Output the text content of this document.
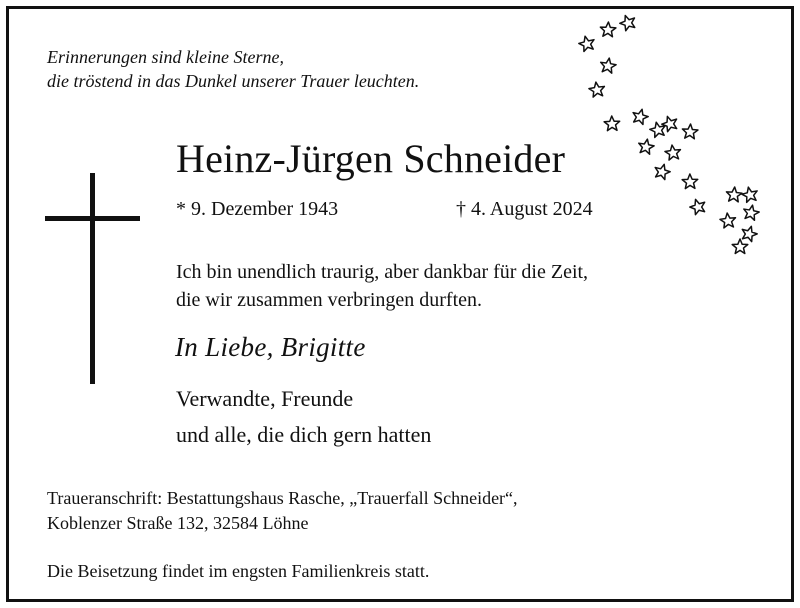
Erinnerungen sind kleine Sterne,
die tröstend in das Dunkel unserer Trauer leuchten.
Heinz-Jürgen Schneider
* 9. Dezember 1943	† 4. August 2024
Ich bin unendlich traurig, aber dankbar für die Zeit,
die wir zusammen verbringen durften.
In Liebe, Brigitte
Verwandte, Freunde
und alle, die dich gern hatten
Traueranschrift: Bestattungshaus Rasche, „Trauerfall Schneider“,
Koblenzer Straße 132, 32584 Löhne
Die Beisetzung findet im engsten Familienkreis statt.
